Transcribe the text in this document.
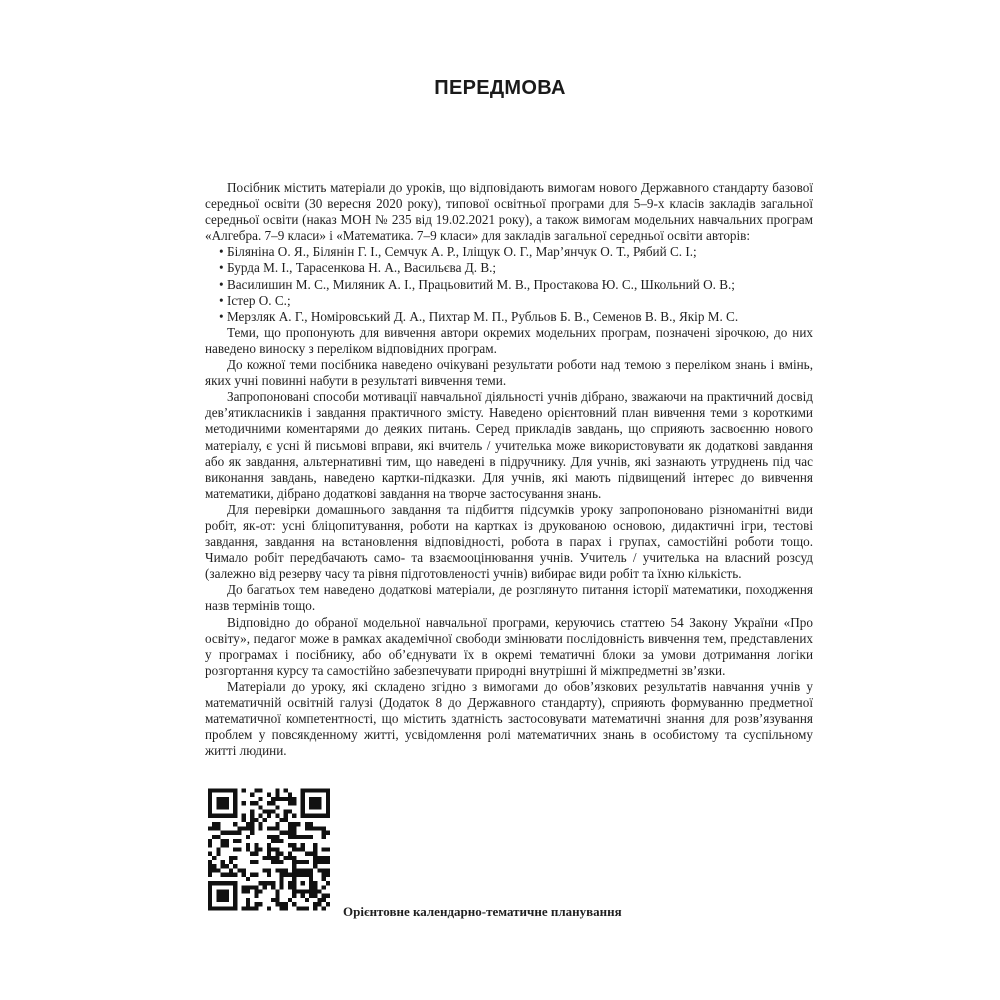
ПЕРЕДМОВА

Посібник містить матеріали до уроків, що відповідають вимогам нового Державного стандарту базової середньої освіти (30 вересня 2020 року), типової освітньої програми для 5–9-х класів закладів загальної середньої освіти (наказ МОН № 235 від 19.02.2021 року), а також вимогам модельних навчальних програм «Алгебра. 7–9 класи» і «Математика. 7–9 класи» для закладів загальної середньої освіти авторів:

• Біляніна О. Я., Білянін Г. І., Семчук А. Р., Іліщук О. Г., Мар’янчук О. Т., Рябий С. І.;
• Бурда М. І., Тарасенкова Н. А., Васильєва Д. В.;
• Василишин М. С., Миляник А. І., Працьовитий М. В., Простакова Ю. С., Школьний О. В.;
• Істер О. С.;
• Мерзляк А. Г., Номіровський Д. А., Пихтар М. П., Рубльов Б. В., Семенов В. В., Якір М. С.

Теми, що пропонують для вивчення автори окремих модельних програм, позначені зірочкою, до них наведено виноску з переліком відповідних програм.

До кожної теми посібника наведено очікувані результати роботи над темою з переліком знань і вмінь, яких учні повинні набути в результаті вивчення теми.

Запропоновані способи мотивації навчальної діяльності учнів дібрано, зважаючи на практичний досвід дев’ятикласників і завдання практичного змісту. Наведено орієнтовний план вивчення теми з короткими методичними коментарями до деяких питань. Серед прикладів завдань, що сприяють засвоєнню нового матеріалу, є усні й письмові вправи, які вчитель / учителька може використовувати як додаткові завдання або як завдання, альтернативні тим, що наведені в підручнику. Для учнів, які зазнають утруднень під час виконання завдань, наведено картки-підказки. Для учнів, які мають підвищений інтерес до вивчення математики, дібрано додаткові завдання на творче застосування знань.

Для перевірки домашнього завдання та підбиття підсумків уроку запропоновано різноманітні види робіт, як-от: усні бліцопитування, роботи на картках із друкованою основою, дидактичні ігри, тестові завдання, завдання на встановлення відповідності, робота в парах і групах, самостійні роботи тощо. Чимало робіт передбачають само- та взаємооцінювання учнів. Учитель / учителька на власний розсуд (залежно від резерву часу та рівня підготовленості учнів) вибирає види робіт та їхню кількість.

До багатьох тем наведено додаткові матеріали, де розглянуто питання історії математики, походження назв термінів тощо.

Відповідно до обраної модельної навчальної програми, керуючись статтею 54 Закону України «Про освіту», педагог може в рамках академічної свободи змінювати послідовність вивчення тем, представлених у програмах і посібнику, або об’єднувати їх в окремі тематичні блоки за умови дотримання логіки розгортання курсу та самостійно забезпечувати природні внутрішні й міжпредметні зв’язки.

Матеріали до уроку, які складено згідно з вимогами до обов’язкових результатів навчання учнів у математичній освітній галузі (Додаток 8 до Державного стандарту), сприяють формуванню предметної математичної компетентності, що містить здатність застосовувати математичні знання для розв’язування проблем у повсякденному житті, усвідомлення ролі математичних знань в особистому та суспільному житті людини.

Орієнтовне календарно-тематичне планування
